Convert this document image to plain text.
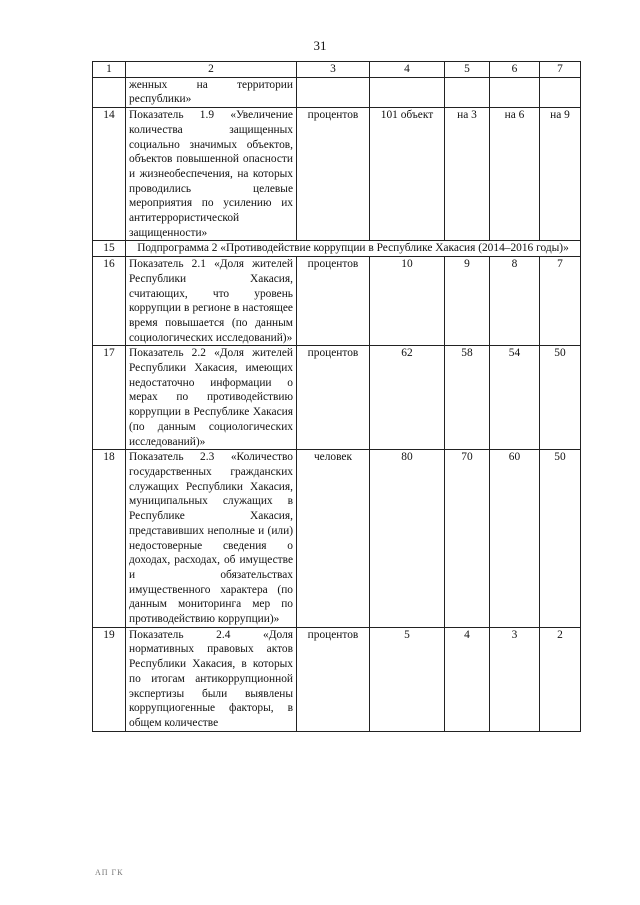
31
1	2	3	4	5	6	7
	женных на территории республики»					
14	Показатель 1.9 «Увеличение количества защищенных социально значимых объектов, объектов повышенной опасности и жизнеобеспечения, на которых проводились целевые мероприятия по усилению их антитеррористической защищенности»	процентов	101 объект	на 3	на 6	на 9
15	Подпрограмма 2 «Противодействие коррупции в Республике Хакасия (2014–2016 годы)»					
16	Показатель 2.1 «Доля жителей Республики Хакасия, считающих, что уровень коррупции в регионе в настоящее время повышается (по данным социологических исследований)»	процентов	10	9	8	7
17	Показатель 2.2 «Доля жителей Республики Хакасия, имеющих недостаточно информации о мерах по противодействию коррупции в Республике Хакасия (по данным социологических исследований)»	процентов	62	58	54	50
18	Показатель 2.3 «Количество государственных гражданских служащих Республики Хакасия, муниципальных служащих в Республике Хакасия, представивших неполные и (или) недостоверные сведения о доходах, расходах, об имуществе и обязательствах имущественного характера (по данным мониторинга мер по противодействию коррупции)»	человек	80	70	60	50
19	Показатель 2.4 «Доля нормативных правовых актов Республики Хакасия, в которых по итогам антикоррупционной экспертизы были выявлены коррупциогенные факторы, в общем количестве	процентов	5	4	3	2
АП ГК
